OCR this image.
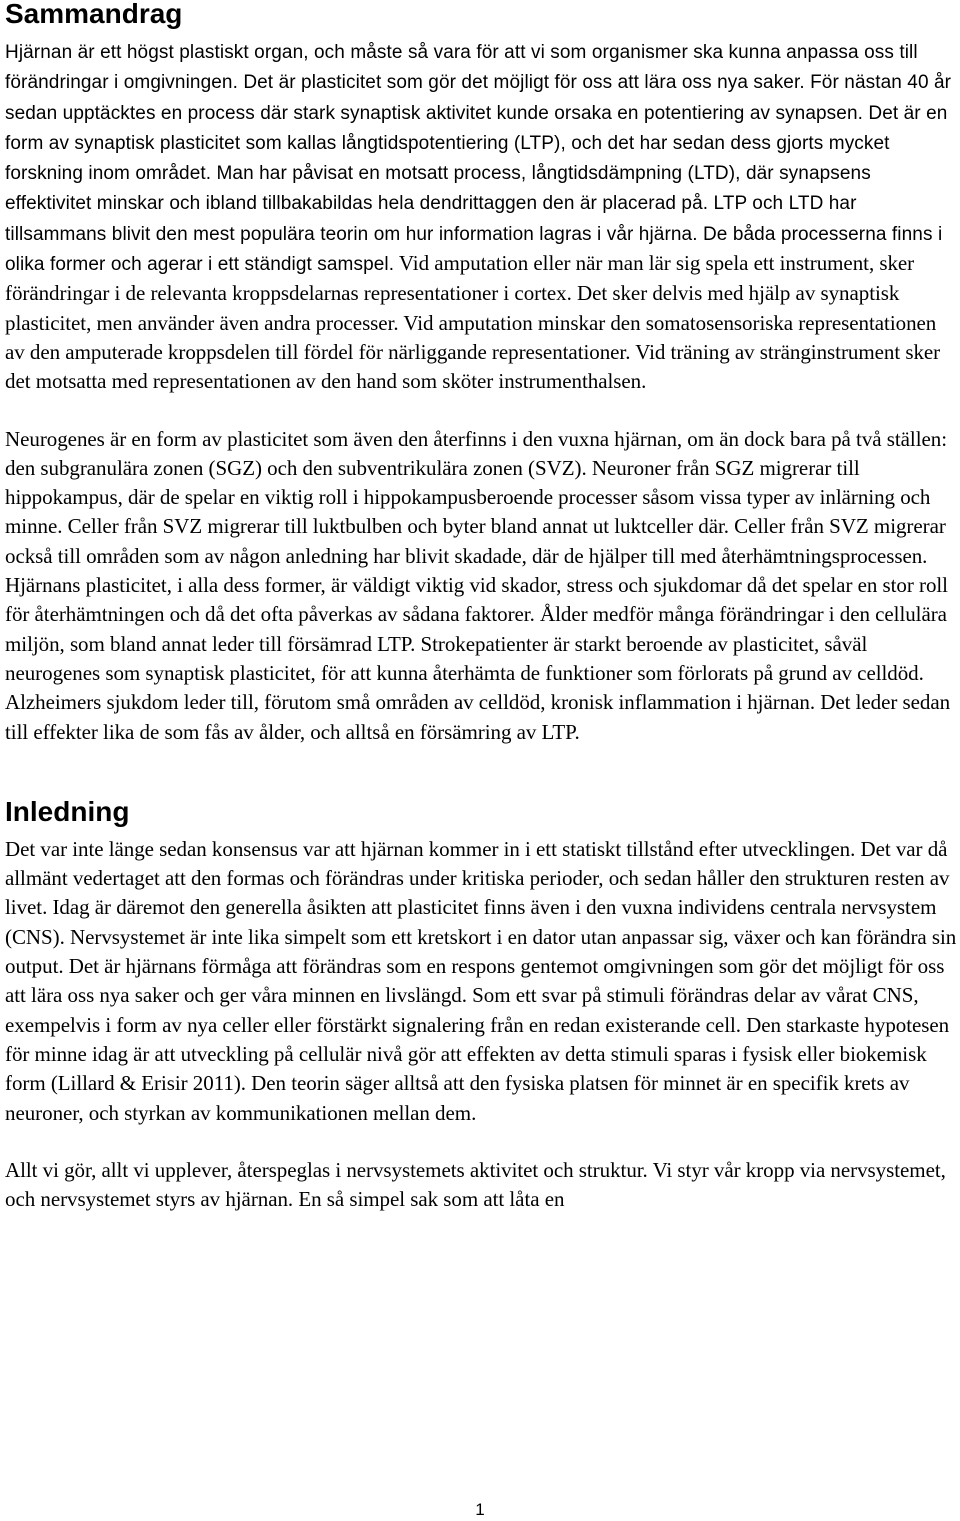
Sammandrag

Hjärnan är ett högst plastiskt organ, och måste så vara för att vi som organismer ska kunna anpassa oss till förändringar i omgivningen. Det är plasticitet som gör det möjligt för oss att lära oss nya saker. För nästan 40 år sedan upptäcktes en process där stark synaptisk aktivitet kunde orsaka en potentiering av synapsen. Det är en form av synaptisk plasticitet som kallas långtidspotentiering (LTP), och det har sedan dess gjorts mycket forskning inom området. Man har påvisat en motsatt process, långtidsdämpning (LTD), där synapsens effektivitet minskar och ibland tillbakabildas hela dendrittaggen den är placerad på. LTP och LTD har tillsammans blivit den mest populära teorin om hur information lagras i vår hjärna. De båda processerna finns i olika former och agerar i ett ständigt samspel. Vid amputation eller när man lär sig spela ett instrument, sker förändringar i de relevanta kroppsdelarnas representationer i cortex. Det sker delvis med hjälp av synaptisk plasticitet, men använder även andra processer. Vid amputation minskar den somatosensoriska representationen av den amputerade kroppsdelen till fördel för närliggande representationer. Vid träning av stränginstrument sker det motsatta med representationen av den hand som sköter instrumenthalsen.

Neurogenes är en form av plasticitet som även den återfinns i den vuxna hjärnan, om än dock bara på två ställen: den subgranulära zonen (SGZ) och den subventrikulära zonen (SVZ). Neuroner från SGZ migrerar till hippokampus, där de spelar en viktig roll i hippokampusberoende processer såsom vissa typer av inlärning och minne. Celler från SVZ migrerar till luktbulben och byter bland annat ut luktceller där. Celler från SVZ migrerar också till områden som av någon anledning har blivit skadade, där de hjälper till med återhämtningsprocessen. Hjärnans plasticitet, i alla dess former, är väldigt viktig vid skador, stress och sjukdomar då det spelar en stor roll för återhämtningen och då det ofta påverkas av sådana faktorer. Ålder medför många förändringar i den cellulära miljön, som bland annat leder till försämrad LTP. Strokepatienter är starkt beroende av plasticitet, såväl neurogenes som synaptisk plasticitet, för att kunna återhämta de funktioner som förlorats på grund av celldöd. Alzheimers sjukdom leder till, förutom små områden av celldöd, kronisk inflammation i hjärnan. Det leder sedan till effekter lika de som fås av ålder, och alltså en försämring av LTP.

Inledning

Det var inte länge sedan konsensus var att hjärnan kommer in i ett statiskt tillstånd efter utvecklingen. Det var då allmänt vedertaget att den formas och förändras under kritiska perioder, och sedan håller den strukturen resten av livet. Idag är däremot den generella åsikten att plasticitet finns även i den vuxna individens centrala nervsystem (CNS). Nervsystemet är inte lika simpelt som ett kretskort i en dator utan anpassar sig, växer och kan förändra sin output. Det är hjärnans förmåga att förändras som en respons gentemot omgivningen som gör det möjligt för oss att lära oss nya saker och ger våra minnen en livslängd. Som ett svar på stimuli förändras delar av vårat CNS, exempelvis i form av nya celler eller förstärkt signalering från en redan existerande cell. Den starkaste hypotesen för minne idag är att utveckling på cellulär nivå gör att effekten av detta stimuli sparas i fysisk eller biokemisk form (Lillard & Erisir 2011). Den teorin säger alltså att den fysiska platsen för minnet är en specifik krets av neuroner, och styrkan av kommunikationen mellan dem.

Allt vi gör, allt vi upplever, återspeglas i nervsystemets aktivitet och struktur. Vi styr vår kropp via nervsystemet, och nervsystemet styrs av hjärnan. En så simpel sak som att låta en

1
